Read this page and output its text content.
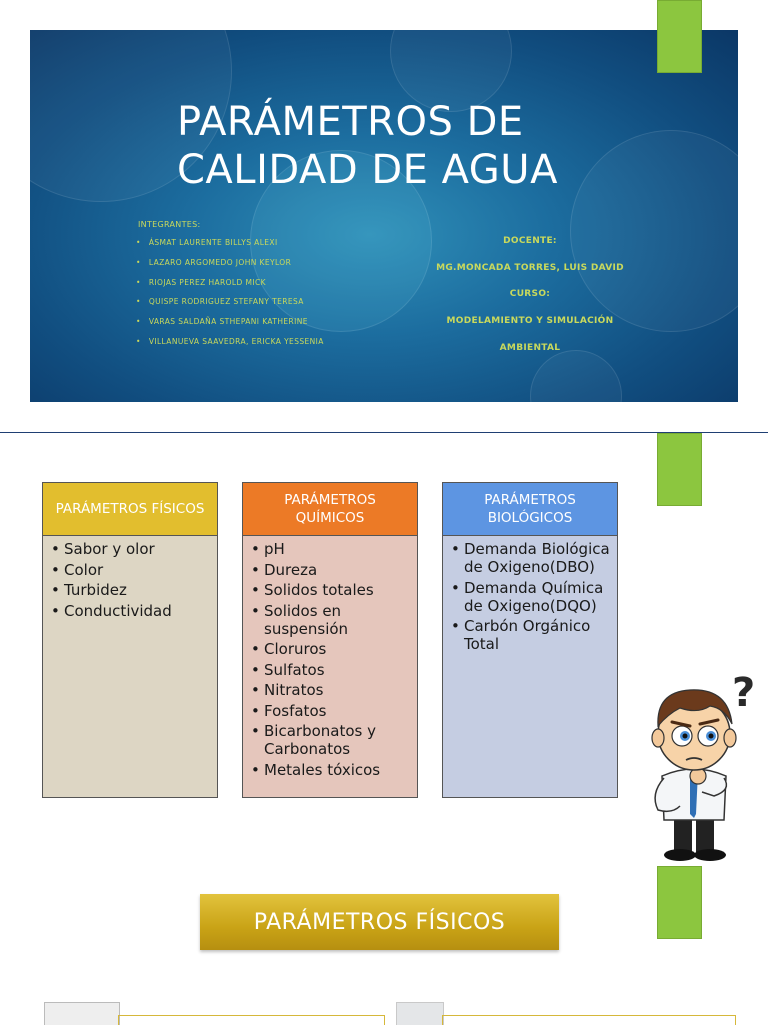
PARÁMETROS DE
CALIDAD DE AGUA
INTEGRANTES:
• ÁSMAT LAURENTE BILLYS ALEXI
• LAZARO ARGOMEDO JOHN KEYLOR
• RIOJAS PEREZ HAROLD MICK
• QUISPE RODRIGUEZ STEFANY TERESA
• VARAS SALDAÑA STHEPANI KATHERINE
• VILLANUEVA SAAVEDRA, ERICKA YESSENIA
DOCENTE:
MG.MONCADA TORRES, LUIS DAVID
CURSO:
MODELAMIENTO Y SIMULACIÓN
AMBIENTAL
PARÁMETROS FÍSICOS
• Sabor y olor
• Color
• Turbidez
• Conductividad
PARÁMETROS QUÍMICOS
• pH
• Dureza
• Solidos totales
• Solidos en suspensión
• Cloruros
• Sulfatos
• Nitratos
• Fosfatos
• Bicarbonatos y Carbonatos
• Metales tóxicos
PARÁMETROS BIOLÓGICOS
• Demanda Biológica de Oxigeno(DBO)
• Demanda Química de Oxigeno(DQO)
• Carbón Orgánico Total
?
PARÁMETROS FÍSICOS
